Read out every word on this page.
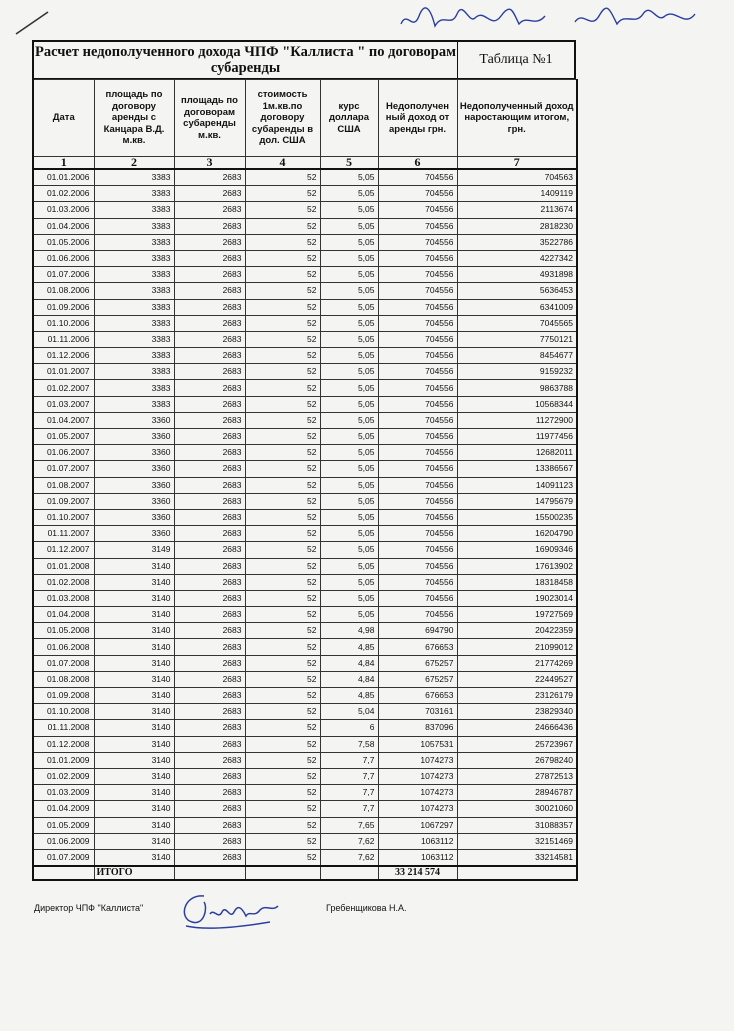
Расчет недополученного дохода ЧПФ "Каллиста " по договорам субаренды
Таблица №1
Дата	площадь по договору аренды с Канцара В.Д. м.кв.	площадь по договорам субаренды м.кв.	стоимость 1м.кв.по договору субаренды в дол. США	курс доллара США	Недополучен ный доход от аренды грн.	Недополученный доход наростающим итогом, грн.
1	2	3	4	5	6	7
01.01.2006	3383	2683	52	5,05	704556	704563
01.02.2006	3383	2683	52	5,05	704556	1409119
01.03.2006	3383	2683	52	5,05	704556	2113674
01.04.2006	3383	2683	52	5,05	704556	2818230
01.05.2006	3383	2683	52	5,05	704556	3522786
01.06.2006	3383	2683	52	5,05	704556	4227342
01.07.2006	3383	2683	52	5,05	704556	4931898
01.08.2006	3383	2683	52	5,05	704556	5636453
01.09.2006	3383	2683	52	5,05	704556	6341009
01.10.2006	3383	2683	52	5,05	704556	7045565
01.11.2006	3383	2683	52	5,05	704556	7750121
01.12.2006	3383	2683	52	5,05	704556	8454677
01.01.2007	3383	2683	52	5,05	704556	9159232
01.02.2007	3383	2683	52	5,05	704556	9863788
01.03.2007	3383	2683	52	5,05	704556	10568344
01.04.2007	3360	2683	52	5,05	704556	11272900
01.05.2007	3360	2683	52	5,05	704556	11977456
01.06.2007	3360	2683	52	5,05	704556	12682011
01.07.2007	3360	2683	52	5,05	704556	13386567
01.08.2007	3360	2683	52	5,05	704556	14091123
01.09.2007	3360	2683	52	5,05	704556	14795679
01.10.2007	3360	2683	52	5,05	704556	15500235
01.11.2007	3360	2683	52	5,05	704556	16204790
01.12.2007	3149	2683	52	5,05	704556	16909346
01.01.2008	3140	2683	52	5,05	704556	17613902
01.02.2008	3140	2683	52	5,05	704556	18318458
01.03.2008	3140	2683	52	5,05	704556	19023014
01.04.2008	3140	2683	52	5,05	704556	19727569
01.05.2008	3140	2683	52	4,98	694790	20422359
01.06.2008	3140	2683	52	4,85	676653	21099012
01.07.2008	3140	2683	52	4,84	675257	21774269
01.08.2008	3140	2683	52	4,84	675257	22449527
01.09.2008	3140	2683	52	4,85	676653	23126179
01.10.2008	3140	2683	52	5,04	703161	23829340
01.11.2008	3140	2683	52	6	837096	24666436
01.12.2008	3140	2683	52	7,58	1057531	25723967
01.01.2009	3140	2683	52	7,7	1074273	26798240
01.02.2009	3140	2683	52	7,7	1074273	27872513
01.03.2009	3140	2683	52	7,7	1074273	28946787
01.04.2009	3140	2683	52	7,7	1074273	30021060
01.05.2009	3140	2683	52	7,65	1067297	31088357
01.06.2009	3140	2683	52	7,62	1063112	32151469
01.07.2009	3140	2683	52	7,62	1063112	33214581
	ИТОГО				33 214 574	
Директор ЧПФ "Каллиста"	Гребенщикова Н.А.
